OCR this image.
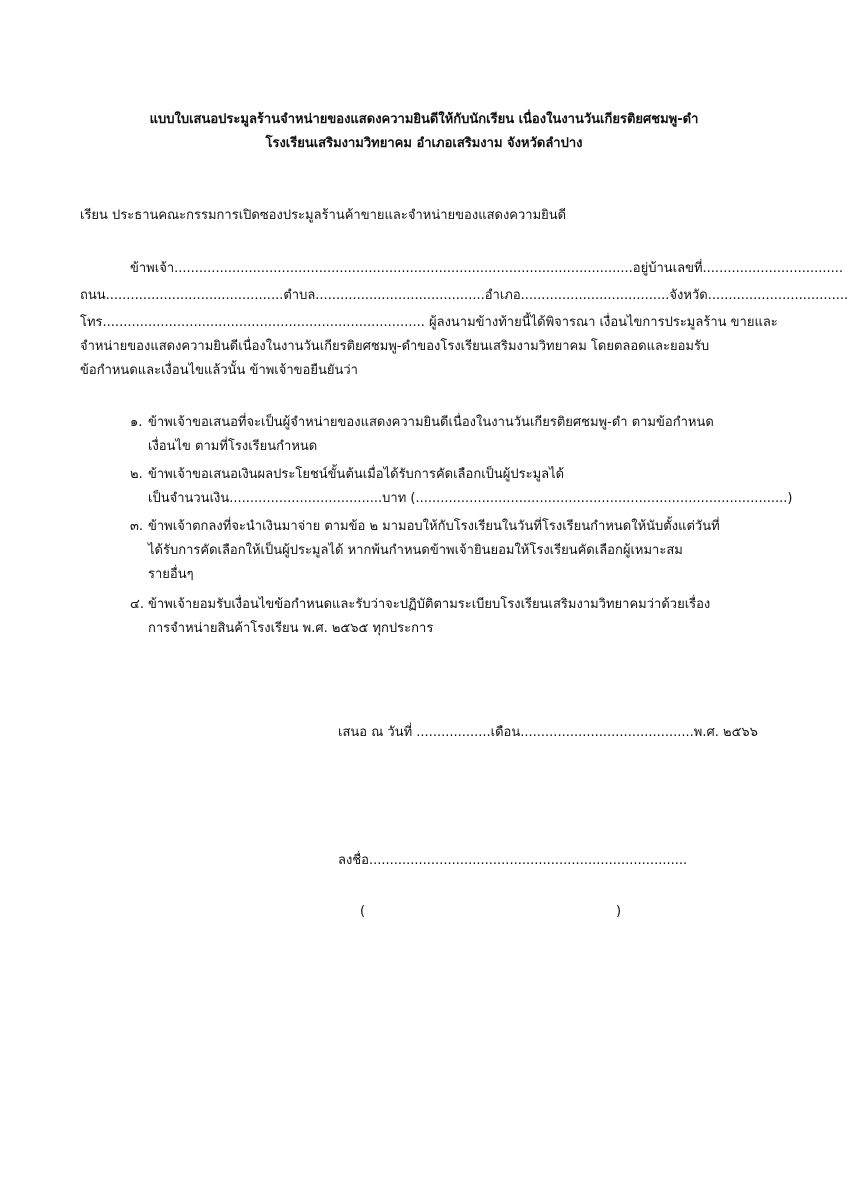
แบบใบเสนอประมูลร้านจำหน่ายของแสดงความยินดีให้กับนักเรียน เนื่องในงานวันเกียรติยศชมพู-ดำ
โรงเรียนเสริมงามวิทยาคม อำเภอเสริมงาม จังหวัดลำปาง
เรียน ประธานคณะกรรมการเปิดซองประมูลร้านค้าขายและจำหน่ายของแสดงความยินดี
ข้าพเจ้า...............................................................................................................อยู่บ้านเลขที่..................................
ถนน...........................................ตำบล.........................................อำเภอ....................................จังหวัด..................................
โทร.............................................................................. ผู้ลงนามข้างท้ายนี้ได้พิจารณา เงื่อนไขการประมูลร้าน ขายและ
จำหน่ายของแสดงความยินดีเนื่องในงานวันเกียรติยศชมพู-ดำของโรงเรียนเสริมงามวิทยาคม โดยตลอดและยอมรับ
ข้อกำหนดและเงื่อนไขแล้วนั้น ข้าพเจ้าขอยืนยันว่า
๑. ข้าพเจ้าขอเสนอที่จะเป็นผู้จำหน่ายของแสดงความยินดีเนื่องในงานวันเกียรติยศชมพู-ดำ ตามข้อกำหนด
เงื่อนไข ตามที่โรงเรียนกำหนด
๒. ข้าพเจ้าขอเสนอเงินผลประโยชน์ขั้นต้นเมื่อได้รับการคัดเลือกเป็นผู้ประมูลได้
เป็นจำนวนเงิน.....................................บาท (..........................................................................................)
๓. ข้าพเจ้าตกลงที่จะนำเงินมาจ่าย ตามข้อ ๒ มามอบให้กับโรงเรียนในวันที่โรงเรียนกำหนดให้นับตั้งแต่วันที่
ได้รับการคัดเลือกให้เป็นผู้ประมูลได้ หากพ้นกำหนดข้าพเจ้ายินยอมให้โรงเรียนคัดเลือกผู้เหมาะสม
รายอื่นๆ
๔. ข้าพเจ้ายอมรับเงื่อนไขข้อกำหนดและรับว่าจะปฏิบัติตามระเบียบโรงเรียนเสริมงามวิทยาคมว่าด้วยเรื่อง
การจำหน่ายสินค้าโรงเรียน พ.ศ. ๒๕๖๕ ทุกประการ
เสนอ ณ วันที่ ..................เดือน..........................................พ.ศ. ๒๕๖๖
ลงชื่อ.............................................................................
(	)
